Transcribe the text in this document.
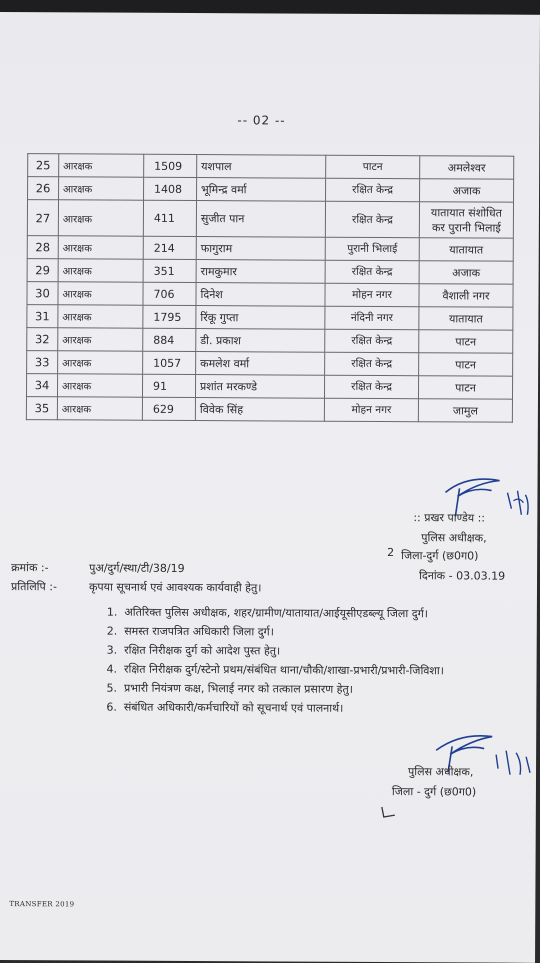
-- 02 --
25	आरक्षक	1509	यशपाल	पाटन	अमलेश्वर
26	आरक्षक	1408	भूमिन्द्र वर्मा	रक्षित केन्द्र	अजाक
27	आरक्षक	411	सुजीत पान	रक्षित केन्द्र	यातायात संशोधित कर पुरानी भिलाई
28	आरक्षक	214	फागुराम	पुरानी भिलाई	यातायात
29	आरक्षक	351	रामकुमार	रक्षित केन्द्र	अजाक
30	आरक्षक	706	दिनेश	मोहन नगर	वैशाली नगर
31	आरक्षक	1795	रिंकू गुप्ता	नंदिनी नगर	यातायात
32	आरक्षक	884	डी. प्रकाश	रक्षित केन्द्र	पाटन
33	आरक्षक	1057	कमलेश वर्मा	रक्षित केन्द्र	पाटन
34	आरक्षक	91	प्रशांत मरकण्डे	रक्षित केन्द्र	पाटन
35	आरक्षक	629	विवेक सिंह	मोहन नगर	जामुल
:: प्रखर पाण्डेय ::
पुलिस अधीक्षक,
2 जिला-दुर्ग (छ0ग0)
दिनांक - 03.03.19
क्रमांक :-	पुअ/दुर्ग/स्था/टी/38/19
प्रतिलिपि :-	कृपया सूचनार्थ एवं आवश्यक कार्यवाही हेतु।
1. अतिरिक्त पुलिस अधीक्षक, शहर/ग्रामीण/यातायात/आईयूसीएडब्ल्यू जिला दुर्ग।
2. समस्त राजपत्रित अधिकारी जिला दुर्ग।
3. रक्षित निरीक्षक दुर्ग को आदेश पुस्त हेतु।
4. रक्षित निरीक्षक दुर्ग/स्टेनो प्रथम/संबंधित थाना/चौकी/शाखा-प्रभारी/प्रभारी-जिविशा।
5. प्रभारी नियंत्रण कक्ष, भिलाई नगर को तत्काल प्रसारण हेतु।
6. संबंधित अधिकारी/कर्मचारियों को सूचनार्थ एवं पालनार्थ।
पुलिस अधीक्षक,
जिला - दुर्ग (छ0ग0)
TRANSFER 2019
